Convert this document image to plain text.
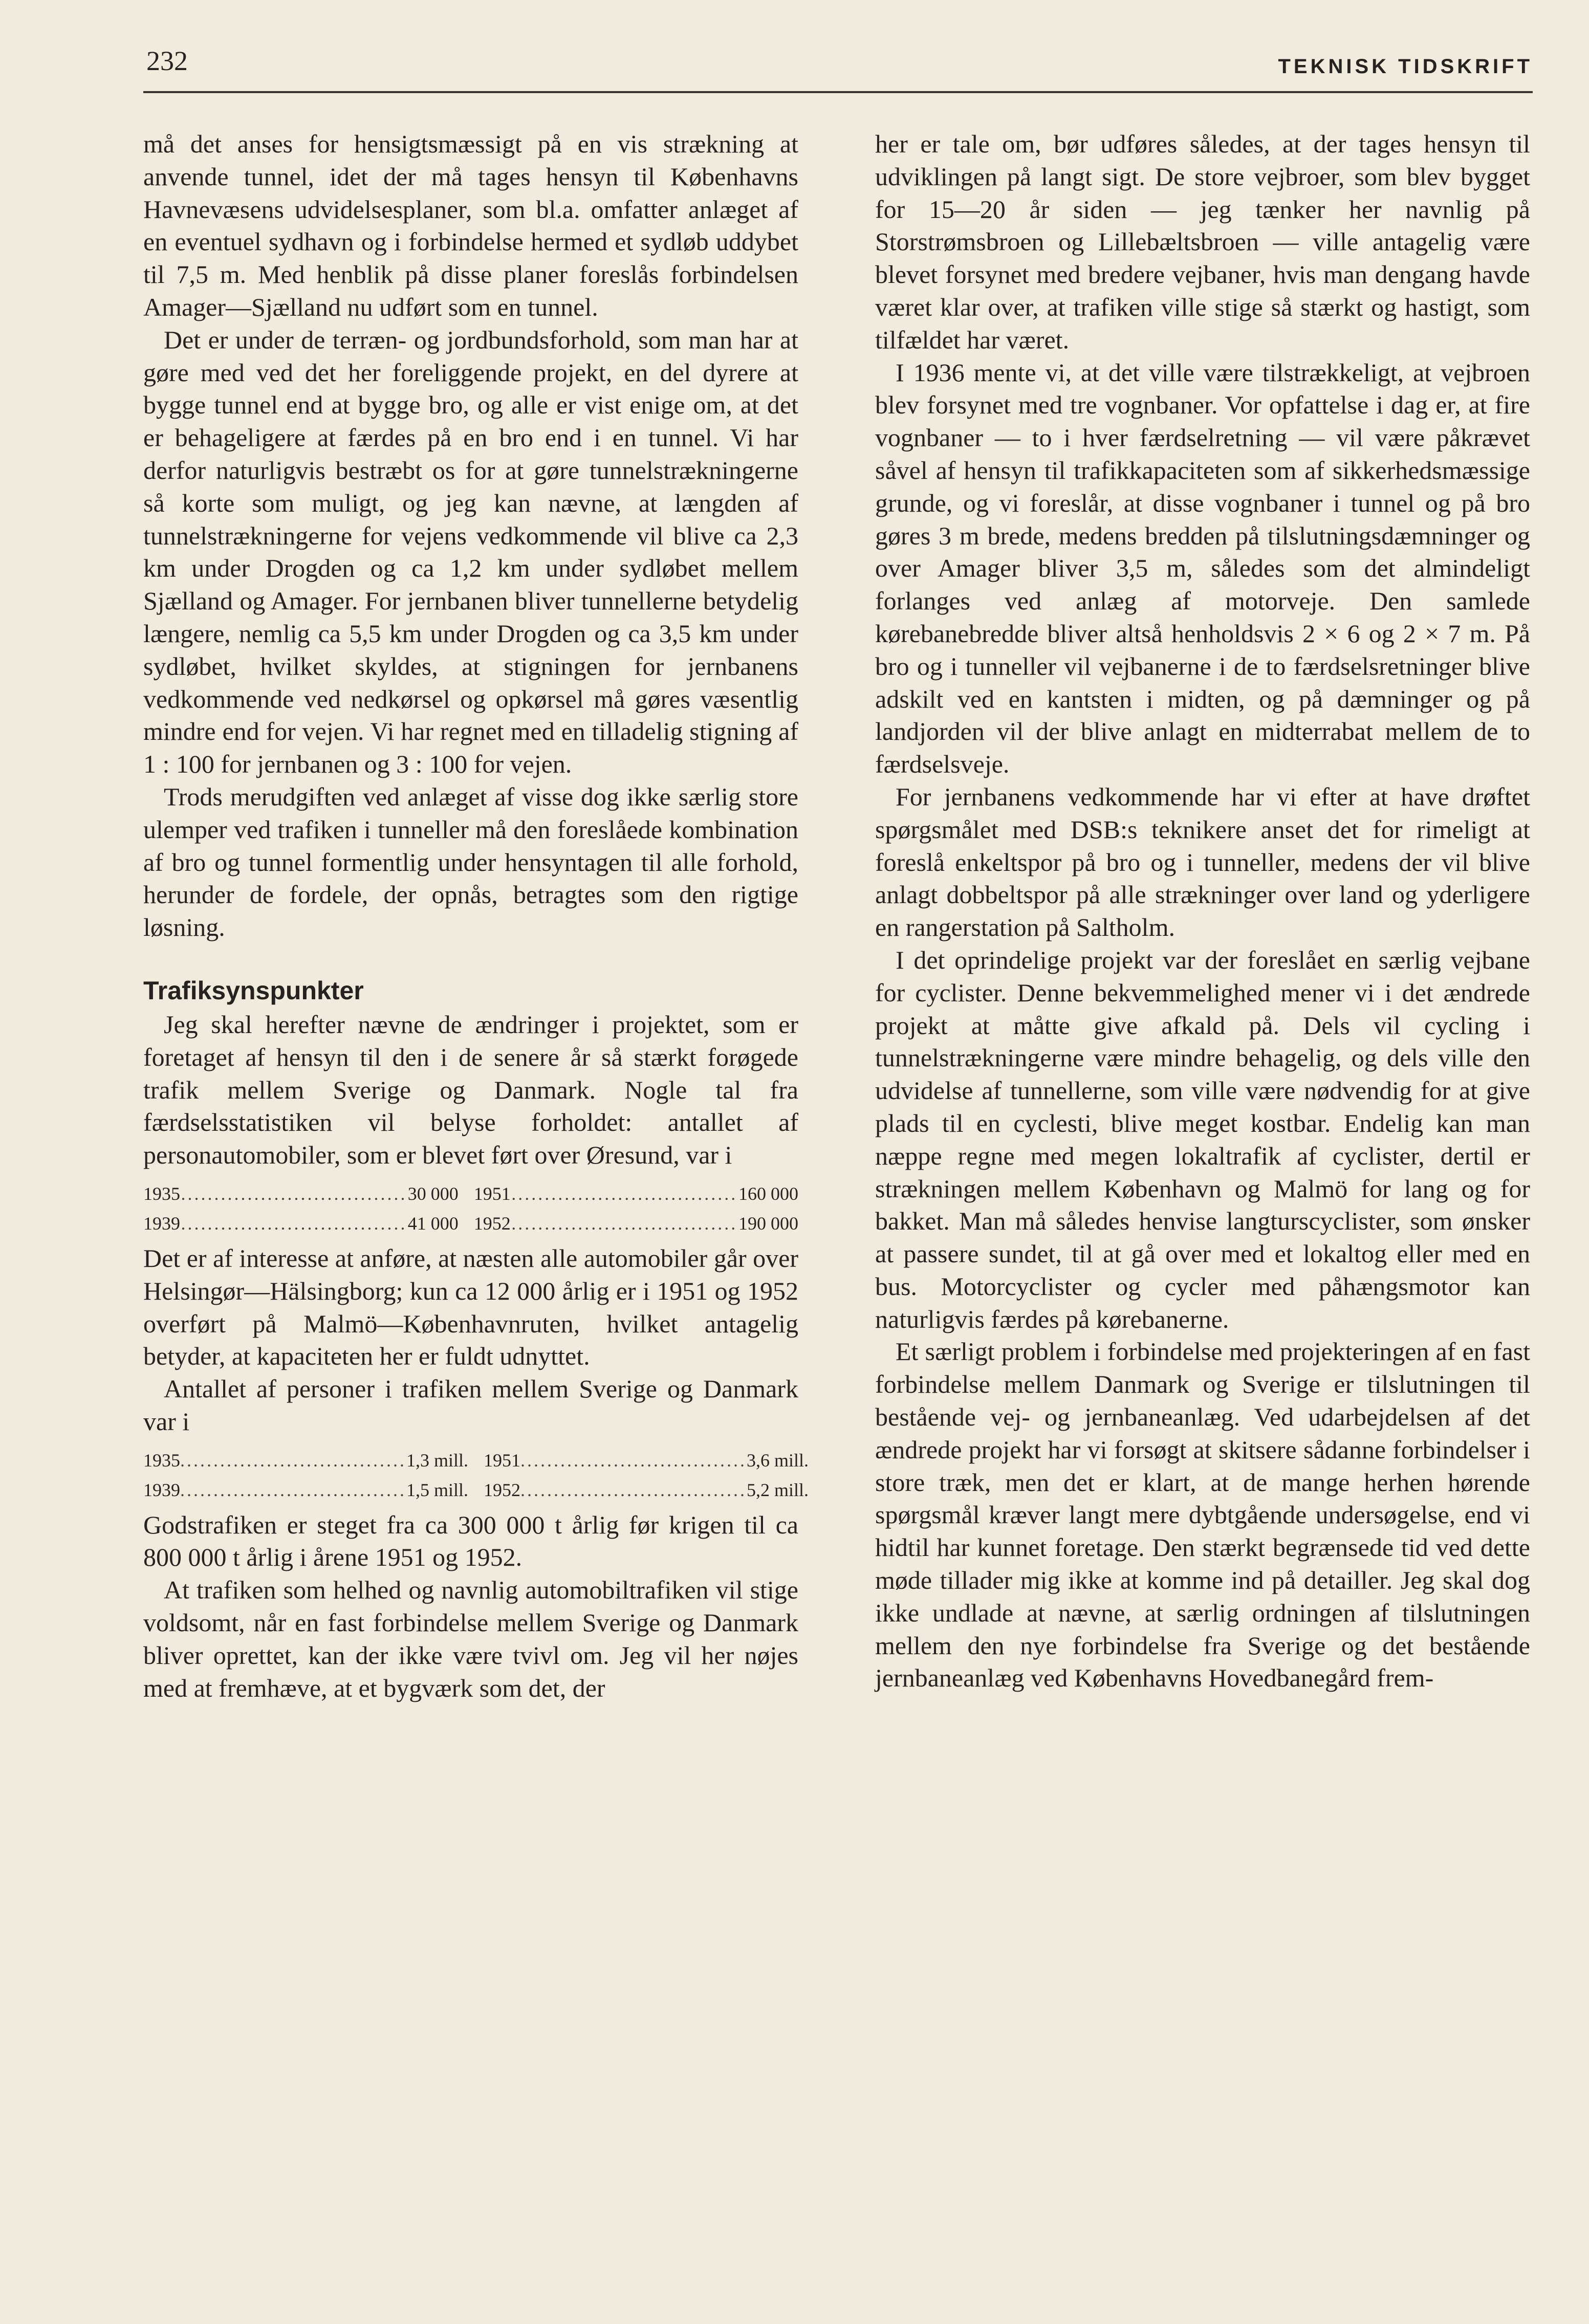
232	TEKNISK TIDSKRIFT

må det anses for hensigtsmæssigt på en vis strækning at anvende tunnel, idet der må tages hensyn til Københavns Havnevæsens udvidelsesplaner, som bl.a. omfatter anlæget af en eventuel sydhavn og i forbindelse hermed et sydløb uddybet til 7,5 m. Med henblik på disse planer foreslås forbindelsen Amager—Sjælland nu udført som en tunnel.

Det er under de terræn- og jordbundsforhold, som man har at gøre med ved det her foreliggende projekt, en del dyrere at bygge tunnel end at bygge bro, og alle er vist enige om, at det er behageligere at færdes på en bro end i en tunnel. Vi har derfor naturligvis bestræbt os for at gøre tunnelstrækningerne så korte som muligt, og jeg kan nævne, at længden af tunnelstrækningerne for vejens vedkommende vil blive ca 2,3 km under Drogden og ca 1,2 km under sydløbet mellem Sjælland og Amager. For jernbanen bliver tunnellerne betydelig længere, nemlig ca 5,5 km under Drogden og ca 3,5 km under sydløbet, hvilket skyldes, at stigningen for jernbanens vedkommende ved nedkørsel og opkørsel må gøres væsentlig mindre end for vejen. Vi har regnet med en tilladelig stigning af 1 : 100 for jernbanen og 3 : 100 for vejen.

Trods merudgiften ved anlæget af visse dog ikke særlig store ulemper ved trafiken i tunneller må den foreslåede kombination af bro og tunnel formentlig under hensyntagen til alle forhold, herunder de fordele, der opnås, betragtes som den rigtige løsning.

Trafiksynspunkter

Jeg skal herefter nævne de ændringer i projektet, som er foretaget af hensyn til den i de senere år så stærkt forøgede trafik mellem Sverige og Danmark. Nogle tal fra færdselsstatistiken vil belyse forholdet: antallet af personautomobiler, som er blevet ført over Øresund, var i

1935	..................................	30 000	1951	..................................	160 000
1939	..................................	41 000	1952	..................................	190 000

Det er af interesse at anføre, at næsten alle automobiler går over Helsingør—Hälsingborg; kun ca 12 000 årlig er i 1951 og 1952 overført på Malmö—Københavnruten, hvilket antagelig betyder, at kapaciteten her er fuldt udnyttet.

Antallet af personer i trafiken mellem Sverige og Danmark var i

1935	..................................	1,3 mill.	1951	..................................	3,6 mill.
1939	..................................	1,5 mill.	1952	..................................	5,2 mill.

Godstrafiken er steget fra ca 300 000 t årlig før krigen til ca 800 000 t årlig i årene 1951 og 1952.

At trafiken som helhed og navnlig automobiltrafiken vil stige voldsomt, når en fast forbindelse mellem Sverige og Danmark bliver oprettet, kan der ikke være tvivl om. Jeg vil her nøjes med at fremhæve, at et bygværk som det, der

her er tale om, bør udføres således, at der tages hensyn til udviklingen på langt sigt. De store vejbroer, som blev bygget for 15—20 år siden — jeg tænker her navnlig på Storstrømsbroen og Lillebæltsbroen — ville antagelig være blevet forsynet med bredere vejbaner, hvis man dengang havde været klar over, at trafiken ville stige så stærkt og hastigt, som tilfældet har været.

I 1936 mente vi, at det ville være tilstrækkeligt, at vejbroen blev forsynet med tre vognbaner. Vor opfattelse i dag er, at fire vognbaner — to i hver færdselretning — vil være påkrævet såvel af hensyn til trafikkapaciteten som af sikkerhedsmæssige grunde, og vi foreslår, at disse vognbaner i tunnel og på bro gøres 3 m brede, medens bredden på tilslutningsdæmninger og over Amager bliver 3,5 m, således som det almindeligt forlanges ved anlæg af motorveje. Den samlede kørebanebredde bliver altså henholdsvis 2 × 6 og 2 × 7 m. På bro og i tunneller vil vejbanerne i de to færdselsretninger blive adskilt ved en kantsten i midten, og på dæmninger og på landjorden vil der blive anlagt en midterrabat mellem de to færdselsveje.

For jernbanens vedkommende har vi efter at have drøftet spørgsmålet med DSB:s teknikere anset det for rimeligt at foreslå enkeltspor på bro og i tunneller, medens der vil blive anlagt dobbeltspor på alle strækninger over land og yderligere en rangerstation på Saltholm.

I det oprindelige projekt var der foreslået en særlig vejbane for cyclister. Denne bekvemmelighed mener vi i det ændrede projekt at måtte give afkald på. Dels vil cycling i tunnelstrækningerne være mindre behagelig, og dels ville den udvidelse af tunnellerne, som ville være nødvendig for at give plads til en cyclesti, blive meget kostbar. Endelig kan man næppe regne med megen lokaltrafik af cyclister, dertil er strækningen mellem København og Malmö for lang og for bakket. Man må således henvise langturscyclister, som ønsker at passere sundet, til at gå over med et lokaltog eller med en bus. Motorcyclister og cycler med påhængsmotor kan naturligvis færdes på kørebanerne.

Et særligt problem i forbindelse med projekteringen af en fast forbindelse mellem Danmark og Sverige er tilslutningen til bestående vej- og jernbaneanlæg. Ved udarbejdelsen af det ændrede projekt har vi forsøgt at skitsere sådanne forbindelser i store træk, men det er klart, at de mange herhen hørende spørgsmål kræver langt mere dybtgående undersøgelse, end vi hidtil har kunnet foretage. Den stærkt begrænsede tid ved dette møde tillader mig ikke at komme ind på detailler. Jeg skal dog ikke undlade at nævne, at særlig ordningen af tilslutningen mellem den nye forbindelse fra Sverige og det bestående jernbaneanlæg ved Københavns Hovedbanegård frem-
